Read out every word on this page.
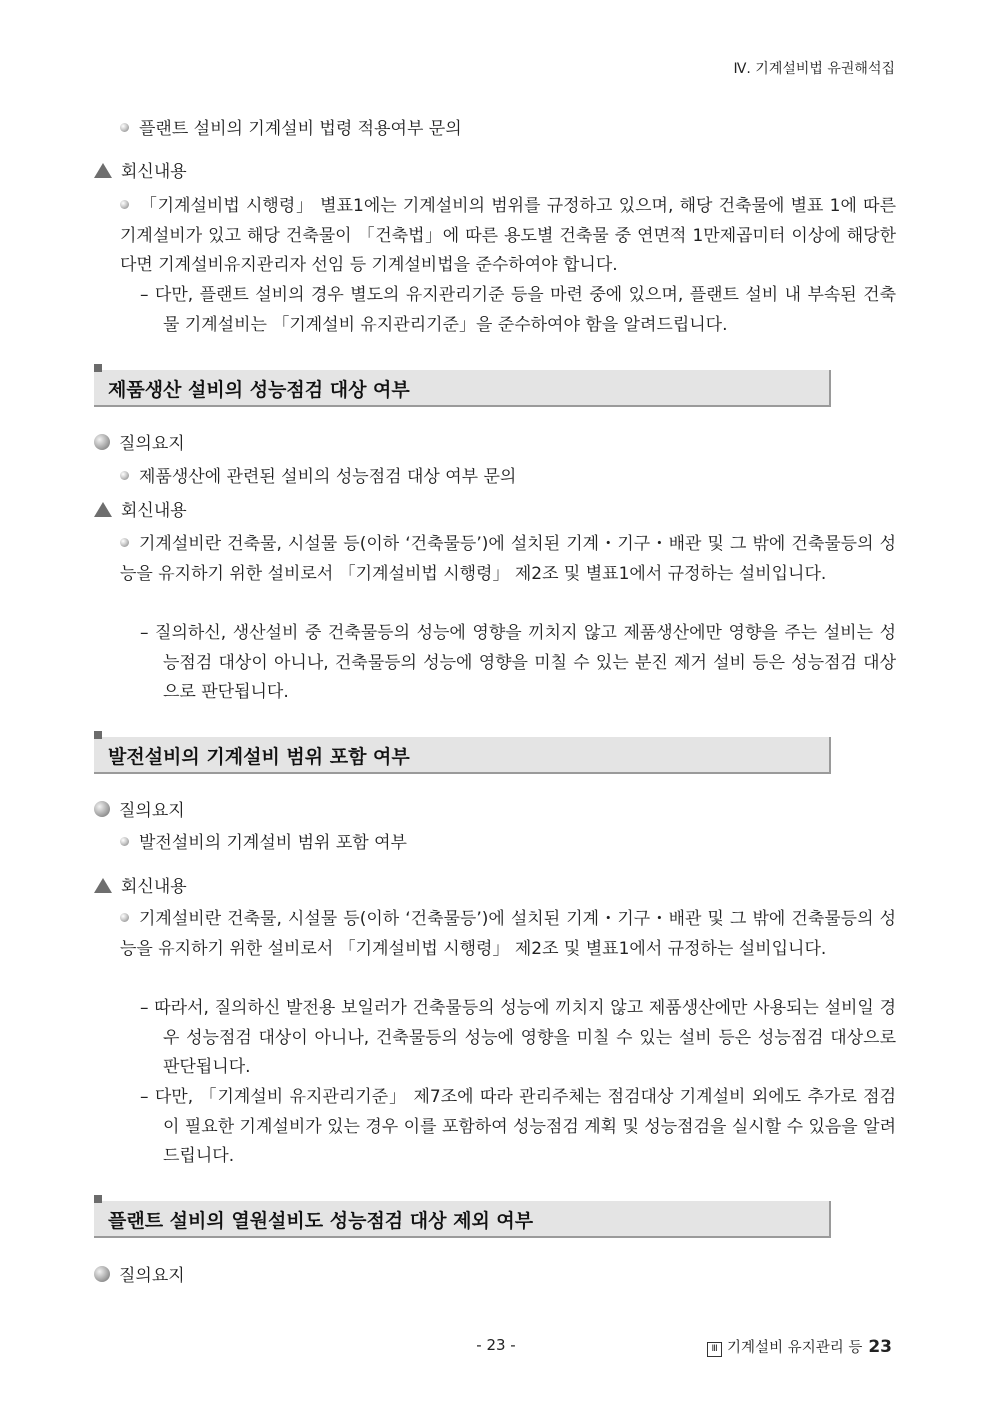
Ⅳ. 기계설비법 유권해석집
플랜트 설비의 기계설비 법령 적용여부 문의
회신내용
「기계설비법 시행령」 별표1에는 기계설비의 범위를 규정하고 있으며, 해당 건축물에 별표 1에 따른 기계설비가 있고 해당 건축물이 「건축법」에 따른 용도별 건축물 중 연면적 1만제곱미터 이상에 해당한다면 기계설비유지관리자 선임 등 기계설비법을 준수하여야 합니다.
– 다만, 플랜트 설비의 경우 별도의 유지관리기준 등을 마련 중에 있으며, 플랜트 설비 내 부속된 건축물 기계설비는 「기계설비 유지관리기준」을 준수하여야 함을 알려드립니다.
제품생산 설비의 성능점검 대상 여부
질의요지
제품생산에 관련된 설비의 성능점검 대상 여부 문의
회신내용
기계설비란 건축물, 시설물 등(이하 ‘건축물등’)에 설치된 기계・기구・배관 및 그 밖에 건축물등의 성능을 유지하기 위한 설비로서 「기계설비법 시행령」 제2조 및 별표1에서 규정하는 설비입니다.
– 질의하신, 생산설비 중 건축물등의 성능에 영향을 끼치지 않고 제품생산에만 영향을 주는 설비는 성능점검 대상이 아니나, 건축물등의 성능에 영향을 미칠 수 있는 분진 제거 설비 등은 성능점검 대상으로 판단됩니다.
발전설비의 기계설비 범위 포함 여부
질의요지
발전설비의 기계설비 범위 포함 여부
회신내용
기계설비란 건축물, 시설물 등(이하 ‘건축물등’)에 설치된 기계・기구・배관 및 그 밖에 건축물등의 성능을 유지하기 위한 설비로서 「기계설비법 시행령」 제2조 및 별표1에서 규정하는 설비입니다.
– 따라서, 질의하신 발전용 보일러가 건축물등의 성능에 끼치지 않고 제품생산에만 사용되는 설비일 경우 성능점검 대상이 아니나, 건축물등의 성능에 영향을 미칠 수 있는 설비 등은 성능점검 대상으로 판단됩니다.
– 다만, 「기계설비 유지관리기준」 제7조에 따라 관리주체는 점검대상 기계설비 외에도 추가로 점검이 필요한 기계설비가 있는 경우 이를 포함하여 성능점검 계획 및 성능점검을 실시할 수 있음을 알려드립니다.
플랜트 설비의 열원설비도 성능점검 대상 제외 여부
질의요지
- 23 -	Ⅲ 기계설비 유지관리 등 23
